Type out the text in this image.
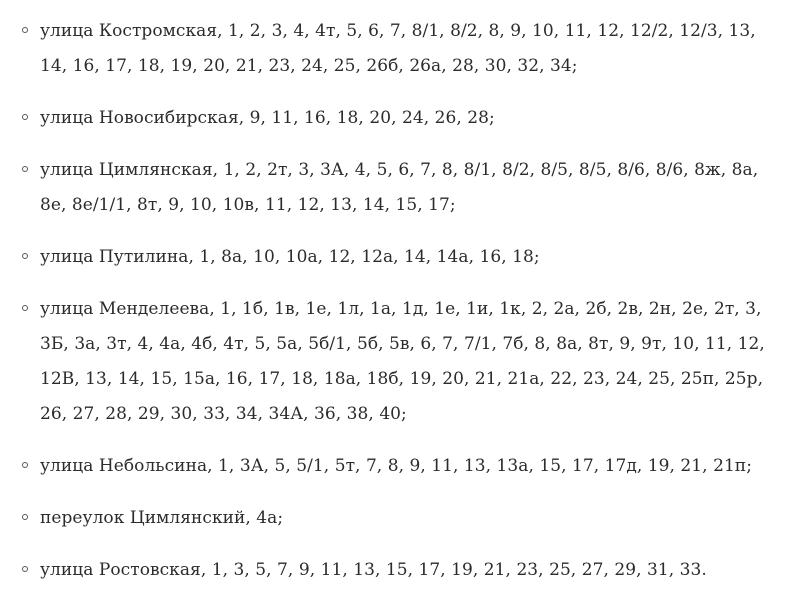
улица Костромская, 1, 2, 3, 4, 4т, 5, 6, 7, 8/1, 8/2, 8, 9, 10, 11, 12, 12/2, 12/3, 13, 14, 16, 17, 18, 19, 20, 21, 23, 24, 25, 26б, 26а, 28, 30, 32, 34;
улица Новосибирская, 9, 11, 16, 18, 20, 24, 26, 28;
улица Цимлянская, 1, 2, 2т, 3, 3А, 4, 5, 6, 7, 8, 8/1, 8/2, 8/5, 8/5, 8/6, 8/6, 8ж, 8а, 8е, 8е/1/1, 8т, 9, 10, 10в, 11, 12, 13, 14, 15, 17;
улица Путилина, 1, 8а, 10, 10а, 12, 12а, 14, 14а, 16, 18;
улица Менделеева, 1, 1б, 1в, 1е, 1л, 1а, 1д, 1е, 1и, 1к, 2, 2а, 2б, 2в, 2н, 2е, 2т, 3, 3Б, 3а, 3т, 4, 4а, 4б, 4т, 5, 5а, 5б/1, 5б, 5в, 6, 7, 7/1, 7б, 8, 8а, 8т, 9, 9т, 10, 11, 12, 12В, 13, 14, 15, 15а, 16, 17, 18, 18а, 18б, 19, 20, 21, 21а, 22, 23, 24, 25, 25п, 25р, 26, 27, 28, 29, 30, 33, 34, 34А, 36, 38, 40;
улица Небольсина, 1, 3А, 5, 5/1, 5т, 7, 8, 9, 11, 13, 13а, 15, 17, 17д, 19, 21, 21п;
переулок Цимлянский, 4а;
улица Ростовская, 1, 3, 5, 7, 9, 11, 13, 15, 17, 19, 21, 23, 25, 27, 29, 31, 33.
